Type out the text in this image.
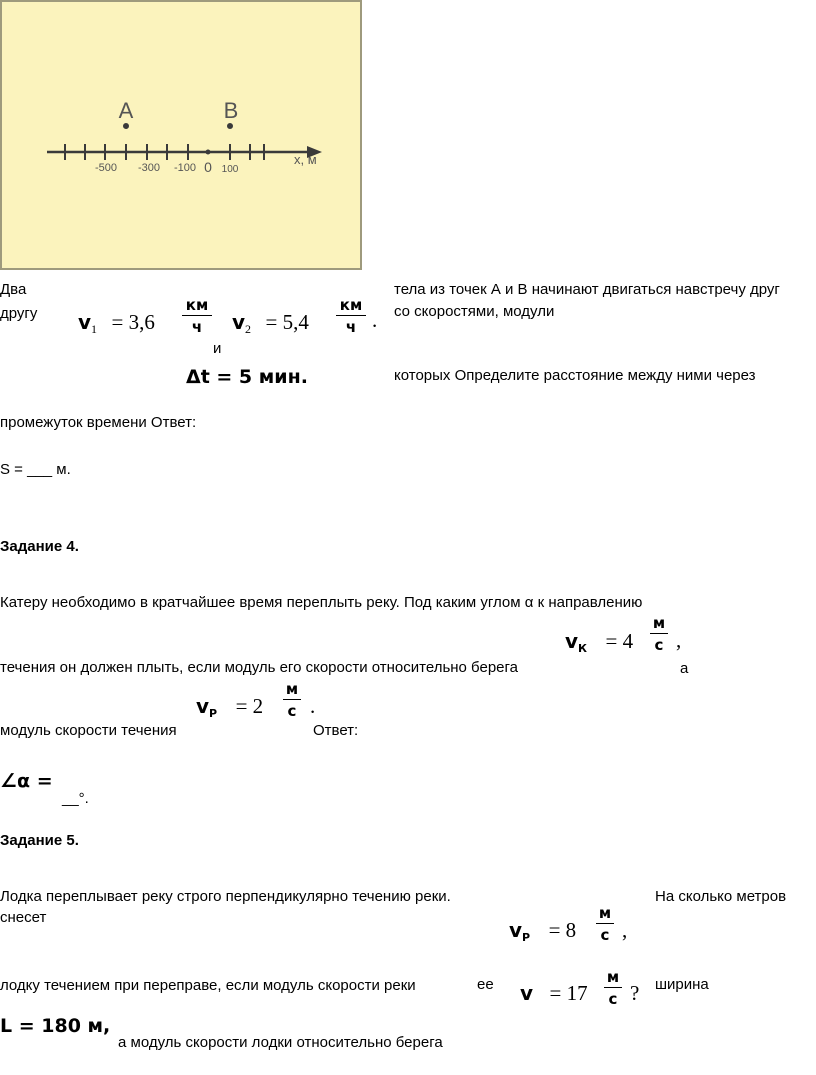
A	B
x, м
-500 -300 -100 0 100
Два	тела из точек А и В начинают двигаться навстречу друг
другу	со скоростями, модули
$v_1 = 3,6$
км
ч
и
$v_2 = 5,4$
км
ч .
Δt = 5 мин.	которых Определите расстояние между ними через
промежуток времени Ответ:
S = ___ м.
Задание 4.
Катеру необходимо в кратчайшее время переплыть реку. Под каким углом α к направлению
$v_К = 4$
м
с ,
течения он должен плыть, если модуль его скорости относительно берега	а
$v_Р = 2$
м
с .
модуль скорости течения	Ответ:
∠α =
__°.
Задание 5.
Лодка переплывает реку строго перпендикулярно течению реки.	На сколько метров
снесет
$v_Р = 8$
м
с ,
лодку течением при переправе, если модуль скорости реки	ее v = 17
м
с ? ширина
L = 180 м,
а модуль скорости лодки относительно берега
